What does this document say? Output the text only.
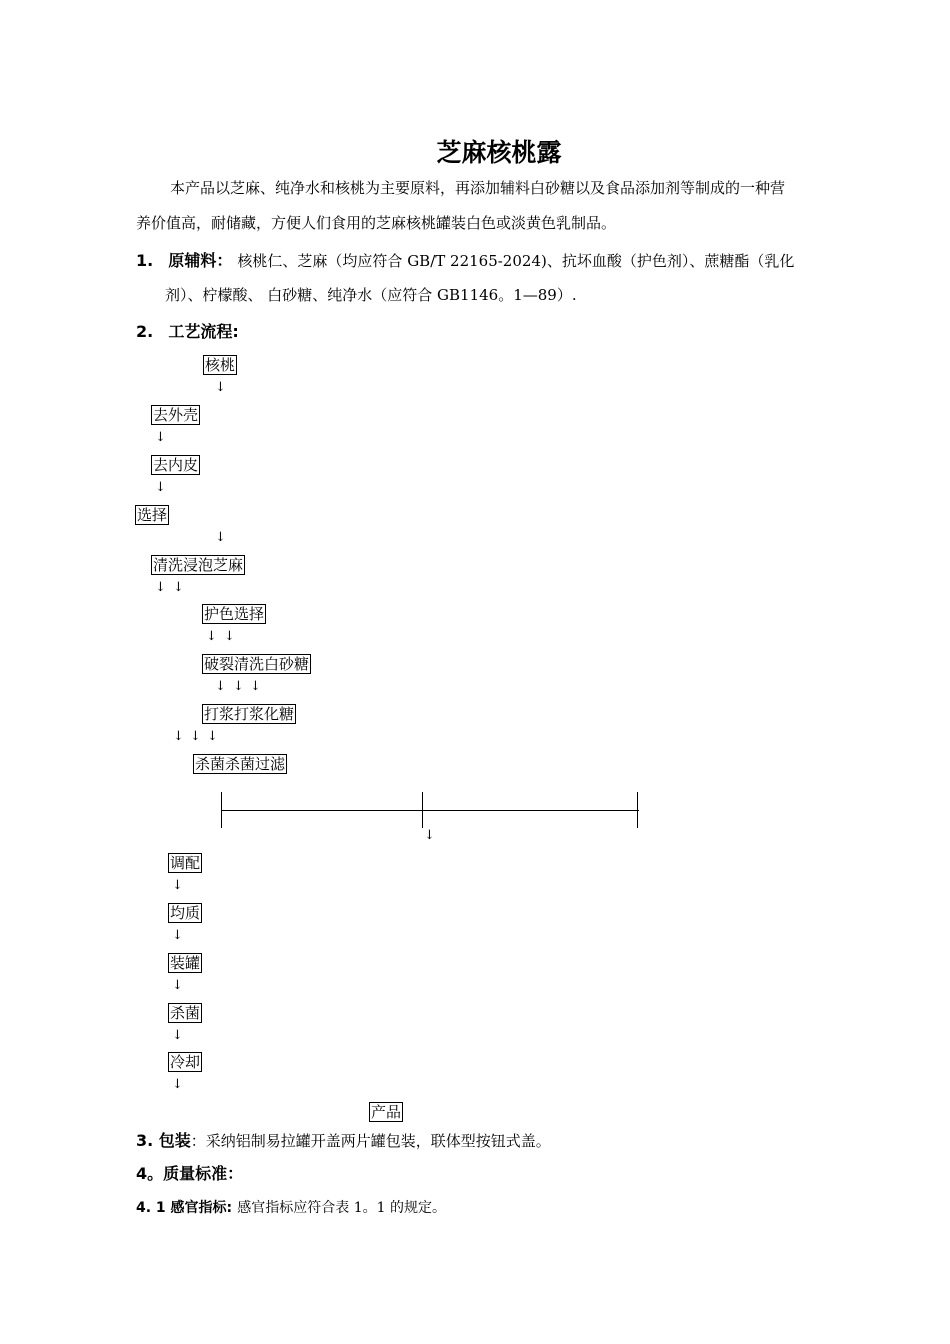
芝麻核桃露
本产品以芝麻、纯净水和核桃为主要原料，再添加辅料白砂糖以及食品添加剂等制成的一种营
养价值高，耐储藏，方便人们食用的芝麻核桃罐装白色或淡黄色乳制品。
1. 原辅料： 核桃仁、芝麻（均应符合 GB/T 22165-2024)、抗坏血酸（护色剂）、蔗糖酯（乳化
剂）、柠檬酸、 白砂糖、纯净水（应符合 GB1146。1—89）.
2. 工艺流程:
核桃
↓
去外壳
↓
去内皮
↓
选择
↓
清洗浸泡芝麻
↓ ↓
护色选择
↓ ↓
破裂清洗白砂糖
↓ ↓ ↓
打浆打浆化糖
↓ ↓ ↓
杀菌杀菌过滤
↓
调配
↓
均质
↓
装罐
↓
杀菌
↓
冷却
↓
产品
3. 包装：采纳铝制易拉罐开盖两片罐包装，联体型按钮式盖。
4。质量标准：
4. 1 感官指标: 感官指标应符合表 1。1 的规定。
